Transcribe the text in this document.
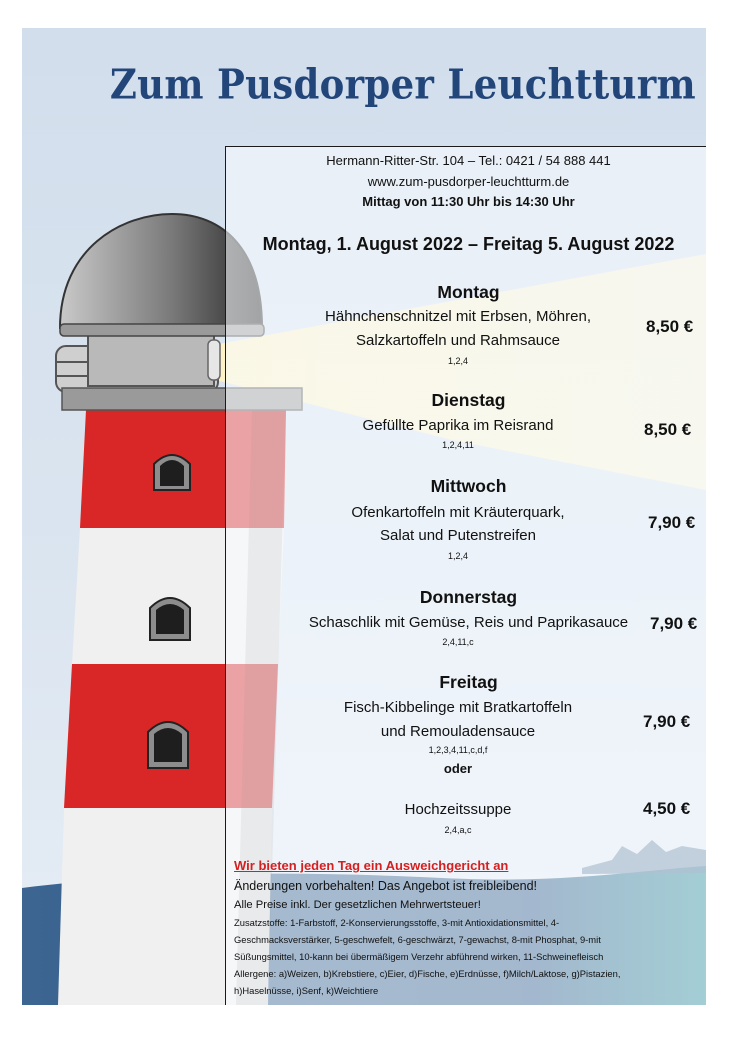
Zum Pusdorper Leuchtturm
Hermann-Ritter-Str. 104 – Tel.: 0421 / 54 888 441
www.zum-pusdorper-leuchtturm.de
Mittag von 11:30 Uhr bis 14:30 Uhr
Montag, 1. August 2022 – Freitag 5. August 2022
Montag
Hähnchenschnitzel mit Erbsen, Möhren,
Salzkartoffeln und Rahmsauce
1,2,4
8,50 €
Dienstag
Gefüllte Paprika im Reisrand
1,2,4,11
8,50 €
Mittwoch
Ofenkartoffeln mit Kräuterquark,
Salat und Putenstreifen
1,2,4
7,90 €
Donnerstag
Schaschlik mit Gemüse, Reis und Paprikasauce
2,4,11,c
7,90 €
Freitag
Fisch-Kibbelinge mit Bratkartoffeln
und Remouladensauce
1,2,3,4,11,c,d,f
oder
7,90 €
Hochzeitssuppe
2,4,a,c
4,50 €
Wir bieten jeden Tag ein Ausweichgericht an
Änderungen vorbehalten! Das Angebot ist freibleibend!
Alle Preise inkl. Der gesetzlichen Mehrwertsteuer!
Zusatzstoffe: 1-Farbstoff, 2-Konservierungsstoffe, 3-mit Antioxidationsmittel, 4-
Geschmacksverstärker, 5-geschwefelt, 6-geschwärzt, 7-gewachst, 8-mit Phosphat, 9-mit
Süßungsmittel, 10-kann bei übermäßigem Verzehr abführend wirken, 11-Schweinefleisch
Allergene: a)Weizen, b)Krebstiere, c)Eier, d)Fische, e)Erdnüsse, f)Milch/Laktose, g)Pistazien,
h)Haselnüsse, i)Senf, k)Weichtiere
